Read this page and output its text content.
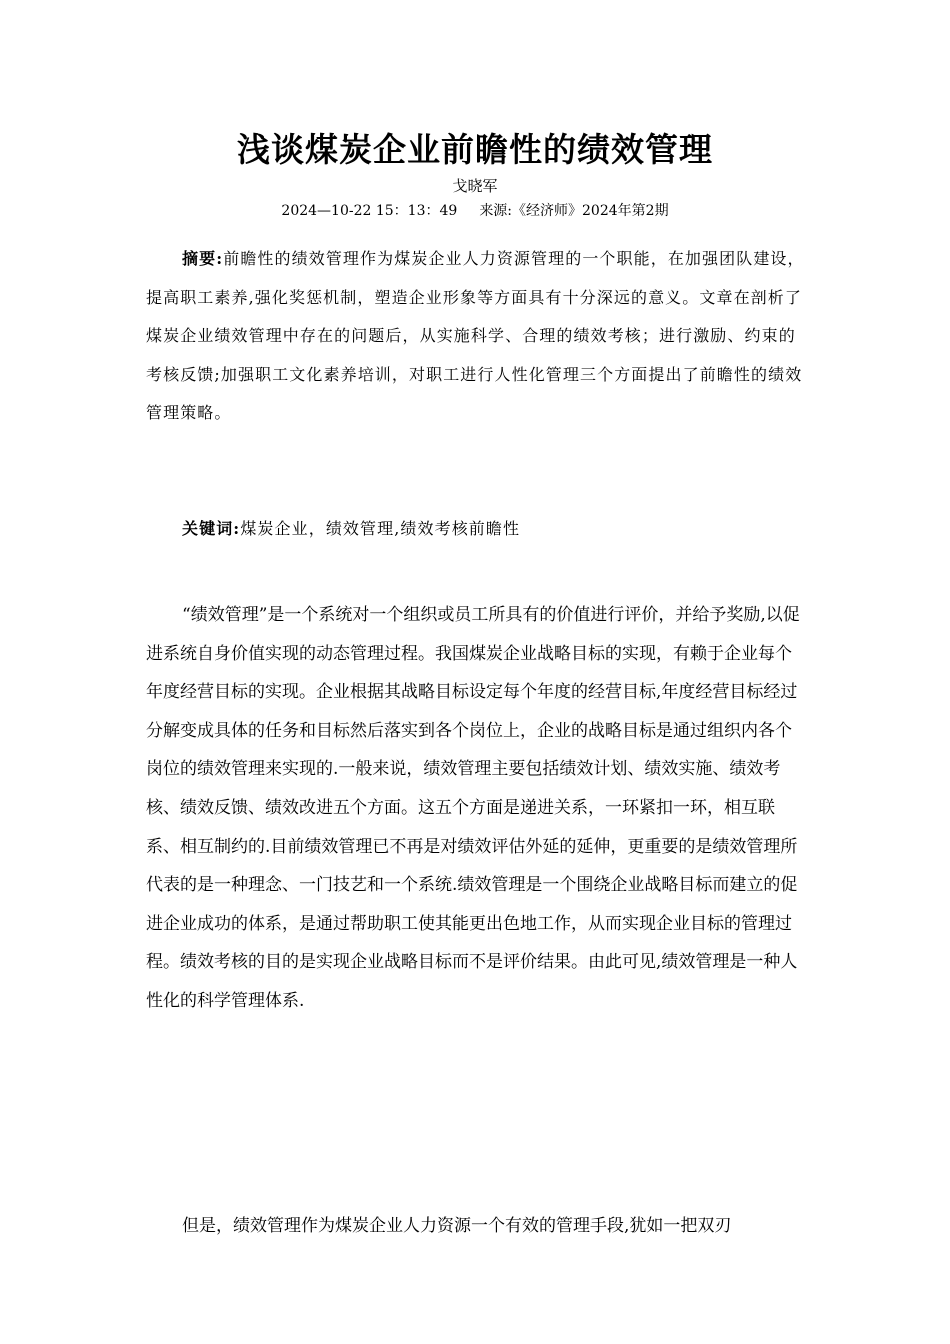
浅谈煤炭企业前瞻性的绩效管理
戈晓军
2024—10-22 15：13：49 来源:《经济师》2024年第2期
摘要:前瞻性的绩效管理作为煤炭企业人力资源管理的一个职能，在加强团队建设，提高职工素养,强化奖惩机制，塑造企业形象等方面具有十分深远的意义。文章在剖析了煤炭企业绩效管理中存在的问题后，从实施科学、合理的绩效考核；进行激励、约束的考核反馈;加强职工文化素养培训，对职工进行人性化管理三个方面提出了前瞻性的绩效管理策略。
关键词:煤炭企业，绩效管理,绩效考核前瞻性

“绩效管理”是一个系统对一个组织或员工所具有的价值进行评价，并给予奖励,以促进系统自身价值实现的动态管理过程。我国煤炭企业战略目标的实现，有赖于企业每个年度经营目标的实现。企业根据其战略目标设定每个年度的经营目标,年度经营目标经过分解变成具体的任务和目标然后落实到各个岗位上，企业的战略目标是通过组织内各个岗位的绩效管理来实现的.一般来说，绩效管理主要包括绩效计划、绩效实施、绩效考核、绩效反馈、绩效改进五个方面。这五个方面是递进关系，一环紧扣一环，相互联系、相互制约的.目前绩效管理已不再是对绩效评估外延的延伸，更重要的是绩效管理所代表的是一种理念、一门技艺和一个系统.绩效管理是一个围绕企业战略目标而建立的促进企业成功的体系，是通过帮助职工使其能更出色地工作，从而实现企业目标的管理过程。绩效考核的目的是实现企业战略目标而不是评价结果。由此可见,绩效管理是一种人性化的科学管理体系.

但是，绩效管理作为煤炭企业人力资源一个有效的管理手段,犹如一把双刃
